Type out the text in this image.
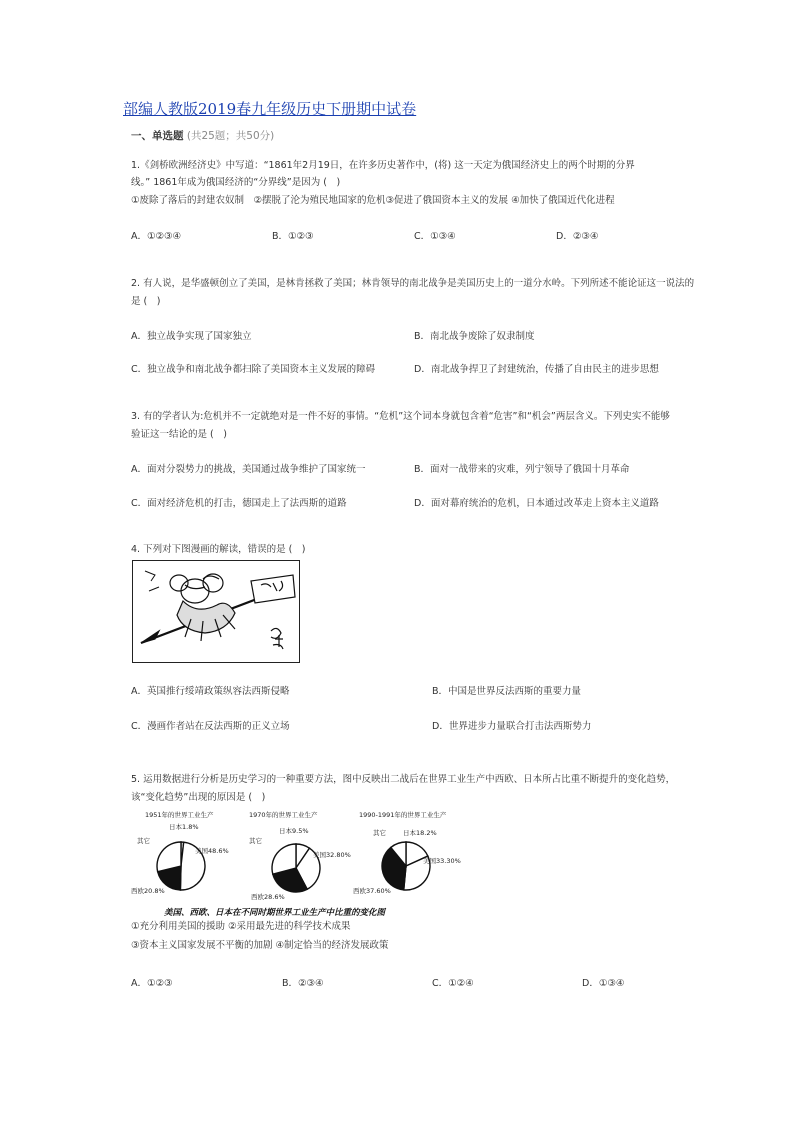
部编人教版2019春九年级历史下册期中试卷
一、单选题 (共25题；共50分)
1.《剑桥欧洲经济史》中写道：“1861年2月19日，在许多历史著作中，(将) 这一天定为俄国经济史上的两个时期的分界
线。” 1861年成为俄国经济的“分界线”是因为 (　)
①废除了落后的封建农奴制　②摆脱了沦为殖民地国家的危机③促进了俄国资本主义的发展 ④加快了俄国近代化进程
A．①②③④	B．①②③	C．①③④	D．②③④
2. 有人说，是华盛顿创立了美国，是林肯拯救了美国；林肯领导的南北战争是美国历史上的一道分水岭。下列所述不能论证这一说法的
是 (　)
A．独立战争实现了国家独立	B．南北战争废除了奴隶制度
C．独立战争和南北战争都扫除了美国资本主义发展的障碍	D．南北战争捍卫了封建统治，传播了自由民主的进步思想
3. 有的学者认为:危机并不一定就绝对是一件不好的事情。“危机”这个词本身就包含着“危害”和“机会”两层含义。下列史实不能够
验证这一结论的是 (　)
A．面对分裂势力的挑战，美国通过战争维护了国家统一	B．面对一战带来的灾难，列宁领导了俄国十月革命
C．面对经济危机的打击，德国走上了法西斯的道路	D．面对幕府统治的危机，日本通过改革走上资本主义道路
4. 下列对下图漫画的解读，错误的是 (　)
A．英国推行绥靖政策纵容法西斯侵略	B．中国是世界反法西斯的重要力量
C．漫画作者站在反法西斯的正义立场	D．世界进步力量联合打击法西斯势力
5. 运用数据进行分析是历史学习的一种重要方法，图中反映出二战后在世界工业生产中西欧、日本所占比重不断提升的变化趋势，
该“变化趋势”出现的原因是 (　)
1951年的世界工业生产
日本1.8%
其它
美国48.6%
西欧20.8%
1970年的世界工业生产
日本9.5%
其它
美国32.80%
西欧28.6%
1990-1991年的世界工业生产
日本18.2%
其它
美国33.30%
西欧37.60%
美国、西欧、日本在不同时期世界工业生产中比重的变化图
①充分利用美国的援助 ②采用最先进的科学技术成果
③资本主义国家发展不平衡的加剧 ④制定恰当的经济发展政策
A．①②③	B．②③④	C．①②④	D．①③④
